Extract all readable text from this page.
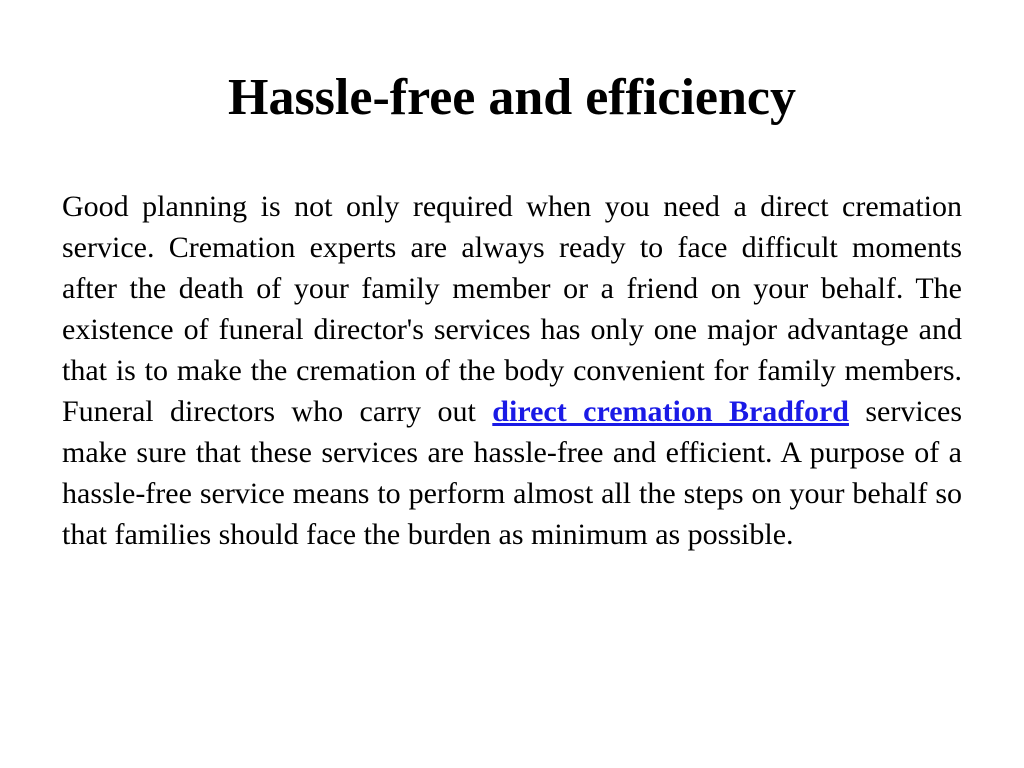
Hassle-free and efficiency

Good planning is not only required when you need a direct cremation service. Cremation experts are always ready to face difficult moments after the death of your family member or a friend on your behalf. The existence of funeral director's services has only one major advantage and that is to make the cremation of the body convenient for family members. Funeral directors who carry out direct cremation Bradford services make sure that these services are hassle-free and efficient. A purpose of a hassle-free service means to perform almost all the steps on your behalf so that families should face the burden as minimum as possible.
